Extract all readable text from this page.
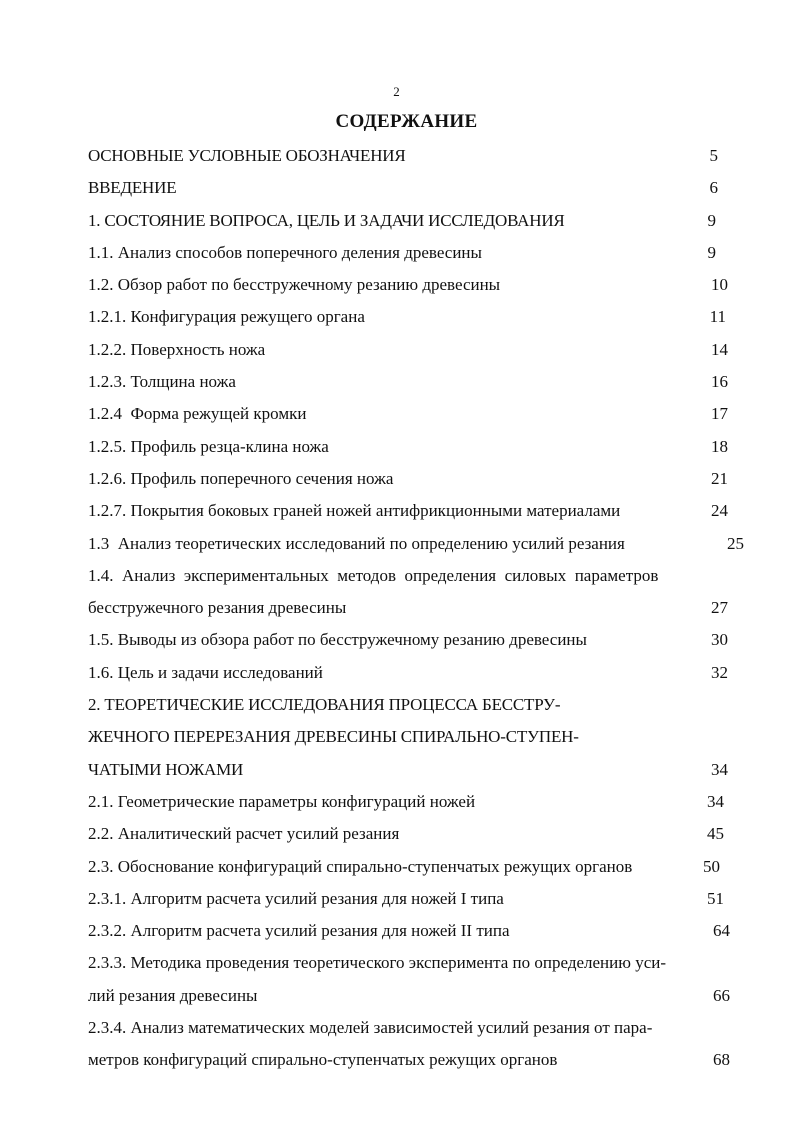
2
СОДЕРЖАНИЕ
ОСНОВНЫЕ УСЛОВНЫЕ ОБОЗНАЧЕНИЯ	5
ВВЕДЕНИЕ	6
1. СОСТОЯНИЕ ВОПРОСА, ЦЕЛЬ И ЗАДАЧИ ИССЛЕДОВАНИЯ	9
1.1. Анализ способов поперечного деления древесины	9
1.2. Обзор работ по бесстружечному резанию древесины	10
1.2.1. Конфигурация режущего органа	11
1.2.2. Поверхность ножа	14
1.2.3. Толщина ножа	16
1.2.4  Форма режущей кромки	17
1.2.5. Профиль резца-клина ножа	18
1.2.6. Профиль поперечного сечения ножа	21
1.2.7. Покрытия боковых граней ножей антифрикционными материалами	24
1.3  Анализ теоретических исследований по определению усилий резания	25
1.4.  Анализ  экспериментальных  методов  определения  силовых  параметров
бесстружечного резания древесины	27
1.5. Выводы из обзора работ по бесстружечному резанию древесины	30
1.6. Цель и задачи исследований	32
2. ТЕОРЕТИЧЕСКИЕ ИССЛЕДОВАНИЯ ПРОЦЕССА БЕССТРУ-
ЖЕЧНОГО ПЕРЕРЕЗАНИЯ ДРЕВЕСИНЫ СПИРАЛЬНО-СТУПЕН-
ЧАТЫМИ НОЖАМИ	34
2.1. Геометрические параметры конфигураций ножей	34
2.2. Аналитический расчет усилий резания	45
2.3. Обоснование конфигураций спирально-ступенчатых режущих органов	50
2.3.1. Алгоритм расчета усилий резания для ножей I типа	51
2.3.2. Алгоритм расчета усилий резания для ножей II типа	64
2.3.3. Методика проведения теоретического эксперимента по определению уси-
лий резания древесины	66
2.3.4. Анализ математических моделей зависимостей усилий резания от пара-
метров конфигураций спирально-ступенчатых режущих органов	68
